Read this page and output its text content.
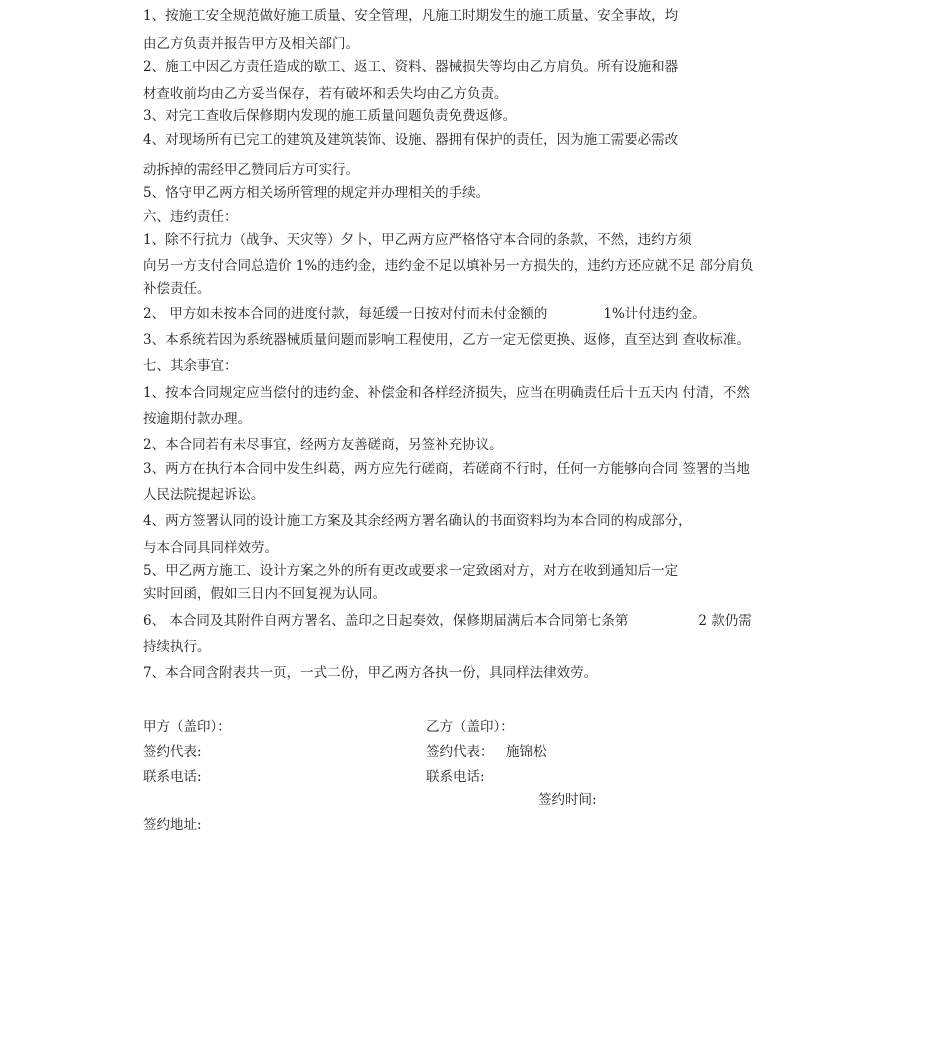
1、按施工安全规范做好施工质量、安全管理，凡施工时期发生的施工质量、安全事故，均
由乙方负责并报告甲方及相关部门。
2、施工中因乙方责任造成的歇工、返工、资料、器械损失等均由乙方肩负。所有设施和器
材查收前均由乙方妥当保存，若有破坏和丢失均由乙方负责。
3、对完工查收后保修期内发现的施工质量问题负责免费返修。
4、对现场所有已完工的建筑及建筑装饰、设施、器拥有保护的责任，因为施工需要必需改
动拆掉的需经甲乙赞同后方可实行。
5、恪守甲乙两方相关场所管理的规定并办理相关的手续。
六、违约责任：
1、除不行抗力（战争、天灾等）夕卜，甲乙两方应严格恪守本合同的条款，不然，违约方须
向另一方支付合同总造价 1%的违约金，违约金不足以填补另一方损失的，违约方还应就不足 部分肩负
补偿责任。
2、 甲方如未按本合同的进度付款，每延缓一日按对付而未付金额的	1%计付违约金。
3、本系统若因为系统器械质量问题而影响工程使用，乙方一定无偿更换、返修，直至达到 查收标准。
七、其余事宜：
1、按本合同规定应当偿付的违约金、补偿金和各样经济损失，应当在明确责任后十五天内 付清，不然
按逾期付款办理。
2、本合同若有未尽事宜，经两方友善磋商，另签补充协议。
3、两方在执行本合同中发生纠葛，两方应先行磋商，若磋商不行时，任何一方能够向合同 签署的当地
人民法院提起诉讼。
4、两方签署认同的设计施工方案及其余经两方署名确认的书面资料均为本合同的构成部分，
与本合同具同样效劳。
5、甲乙两方施工、设计方案之外的所有更改或要求一定致函对方，对方在收到通知后一定
实时回函，假如三日内不回复视为认同。
6、 本合同及其附件自两方署名、盖印之日起奏效，保修期届满后本合同第七条第	2 款仍需
持续执行。
7、本合同含附表共一页，一式二份，甲乙两方各执一份，具同样法律效劳。
甲方（盖印）：	乙方（盖印）：
签约代表:	签约代表： 施锦松
联系电话:	联系电话:
签约时间:
签约地址:
